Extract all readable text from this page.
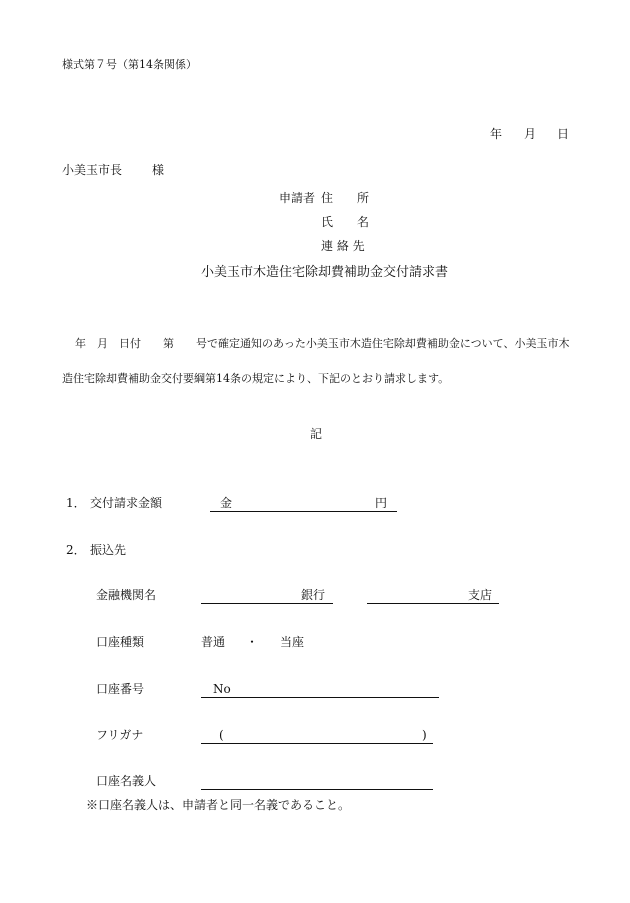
様式第７号（第14条関係）
年 月 日
小美玉市長 様
申請者 住　　所
氏　　名
連 絡 先
小美玉市木造住宅除却費補助金交付請求書
年　月　日付　　第　　号で確定通知のあった小美玉市木造住宅除却費補助金について、小美玉市木
造住宅除却費補助金交付要綱第14条の規定により、下記のとおり請求します。
記
1． 交付請求金額	金	円
2． 振込先
金融機関名	銀行	支店
口座種類	普通 ・ 当座
口座番号	No
フリガナ	(	)
口座名義人
※口座名義人は、申請者と同一名義であること。
